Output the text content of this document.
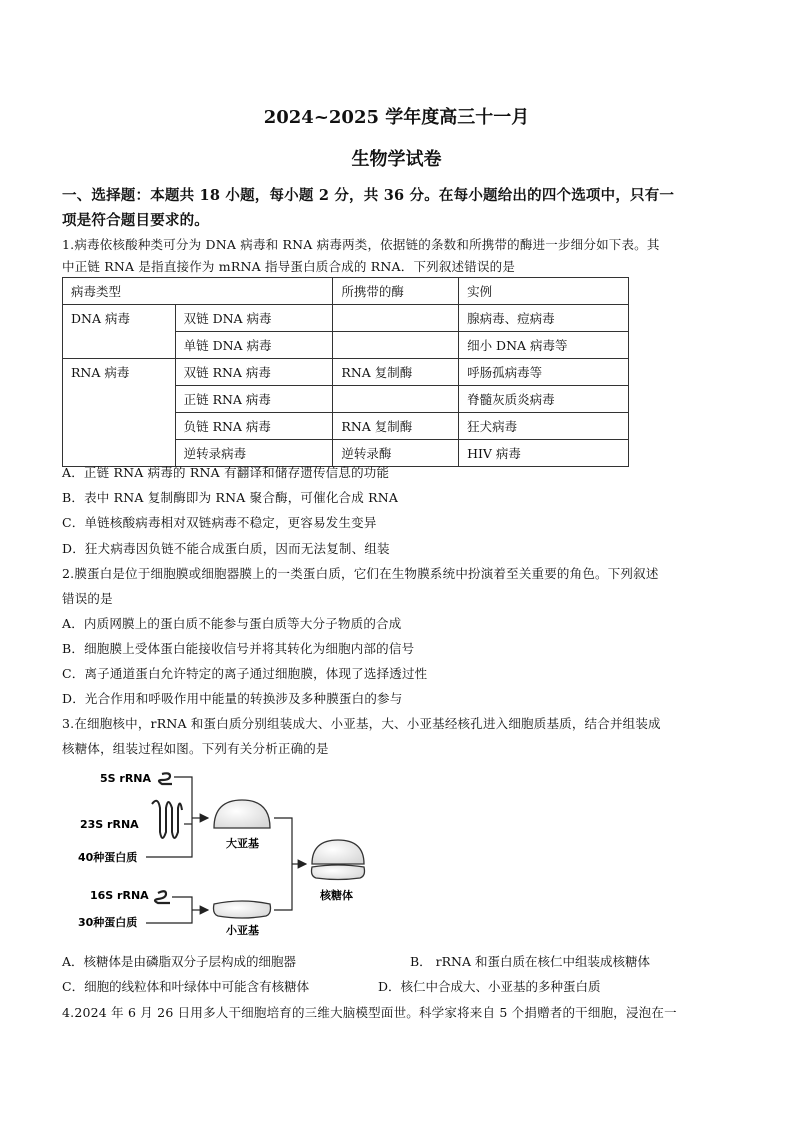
2024~2025 学年度高三十一月
生物学试卷
一、选择题：本题共 18 小题，每小题 2 分，共 36 分。在每小题给出的四个选项中，只有一
项是符合题目要求的。
1.病毒依核酸种类可分为 DNA 病毒和 RNA 病毒两类，依据链的条数和所携带的酶进一步细分如下表。其
中正链 RNA 是指直接作为 mRNA 指导蛋白质合成的 RNA．下列叙述错误的是
病毒类型		所携带的酶	实例
DNA 病毒	双链 DNA 病毒		腺病毒、痘病毒
	单链 DNA 病毒		细小 DNA 病毒等
RNA 病毒	双链 RNA 病毒	RNA 复制酶	呼肠孤病毒等
	正链 RNA 病毒		脊髓灰质炎病毒
	负链 RNA 病毒	RNA 复制酶	狂犬病毒
	逆转录病毒	逆转录酶	HIV 病毒
A．正链 RNA 病毒的 RNA 有翻译和储存遗传信息的功能
B．表中 RNA 复制酶即为 RNA 聚合酶，可催化合成 RNA
C．单链核酸病毒相对双链病毒不稳定，更容易发生变异
D．狂犬病毒因负链不能合成蛋白质，因而无法复制、组装
2.膜蛋白是位于细胞膜或细胞器膜上的一类蛋白质，它们在生物膜系统中扮演着至关重要的角色。下列叙述
错误的是
A．内质网膜上的蛋白质不能参与蛋白质等大分子物质的合成
B．细胞膜上受体蛋白能接收信号并将其转化为细胞内部的信号
C．离子通道蛋白允许特定的离子通过细胞膜，体现了选择透过性
D．光合作用和呼吸作用中能量的转换涉及多种膜蛋白的参与
3.在细胞核中，rRNA 和蛋白质分别组装成大、小亚基，大、小亚基经核孔进入细胞质基质，结合并组装成
核糖体，组装过程如图。下列有关分析正确的是
5S rRNA
23S rRNA
40种蛋白质
16S rRNA
30种蛋白质
大亚基
小亚基
核糖体
A．核糖体是由磷脂双分子层构成的细胞器	B． rRNA 和蛋白质在核仁中组装成核糖体
C．细胞的线粒体和叶绿体中可能含有核糖体	D．核仁中合成大、小亚基的多种蛋白质
4.2024 年 6 月 26 日用多人干细胞培育的三维大脑模型面世。科学家将来自 5 个捐赠者的干细胞，浸泡在一
